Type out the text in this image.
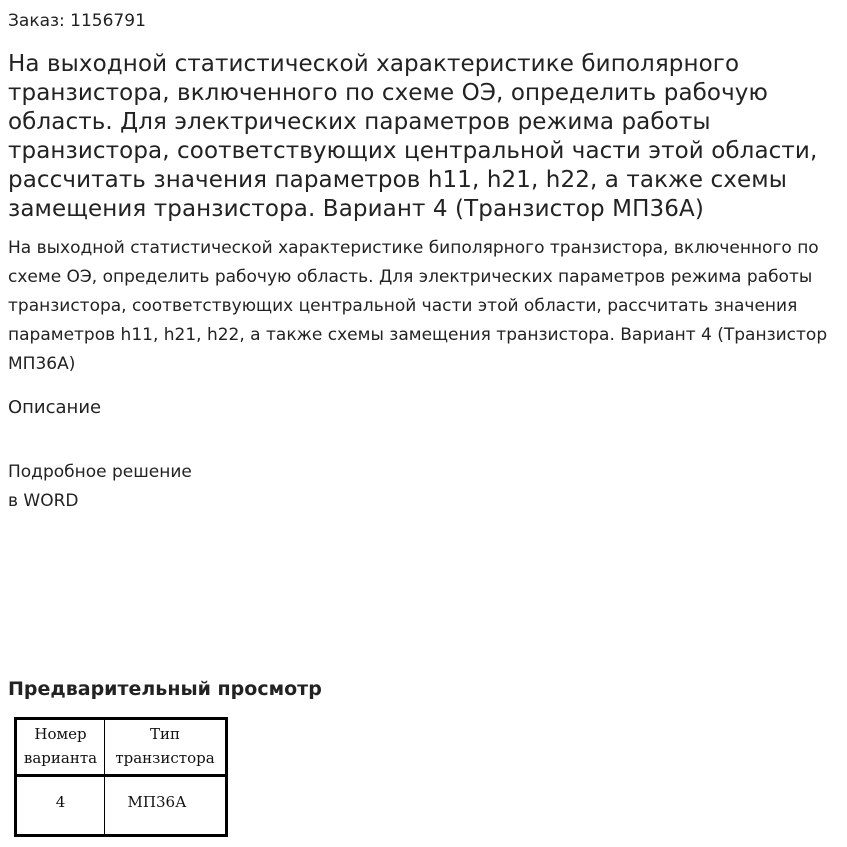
Заказ: 1156791
На выходной статистической характеристике биполярного транзистора, включенного по схеме ОЭ, определить рабочую область. Для электрических параметров режима работы транзистора, соответствующих центральной части этой области, рассчитать значения параметров h11, h21, h22, а также схемы замещения транзистора. Вариант 4 (Транзистор МП36А)
На выходной статистической характеристике биполярного транзистора, включенного по схеме ОЭ, определить рабочую область. Для электрических параметров режима работы транзистора, соответствующих центральной части этой области, рассчитать значения параметров h11, h21, h22, а также схемы замещения транзистора. Вариант 4 (Транзистор МП36А)
Описание
Подробное решение
в WORD
Предварительный просмотр
Номер
варианта
Тип
транзистора
4	МП36А
